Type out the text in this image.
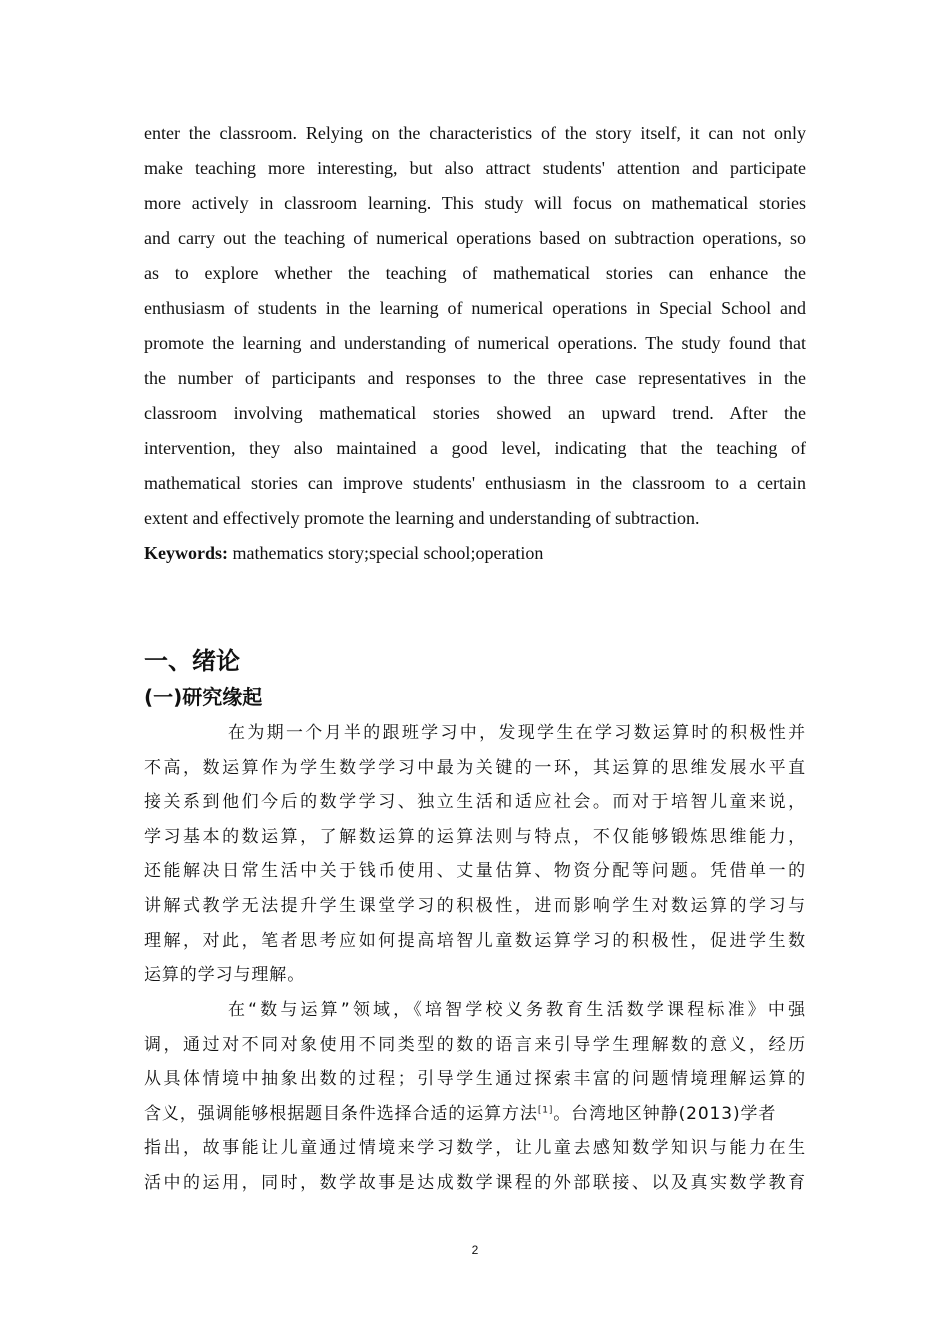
enter the classroom. Relying on the characteristics of the story itself, it can not only
make teaching more interesting, but also attract students' attention and participate
more actively in classroom learning. This study will focus on mathematical stories
and carry out the teaching of numerical operations based on subtraction operations, so
as to explore whether the teaching of mathematical stories can enhance the
enthusiasm of students in the learning of numerical operations in Special School and
promote the learning and understanding of numerical operations. The study found that
the number of participants and responses to the three case representatives in the
classroom involving mathematical stories showed an upward trend. After the
intervention, they also maintained a good level, indicating that the teaching of
mathematical stories can improve students' enthusiasm in the classroom to a certain
extent and effectively promote the learning and understanding of subtraction.
Keywords: mathematics story;special school;operation
一、绪论
(一)研究缘起
在为期一个月半的跟班学习中，发现学生在学习数运算时的积极性并
不高，数运算作为学生数学学习中最为关键的一环，其运算的思维发展水平直
接关系到他们今后的数学学习、独立生活和适应社会。而对于培智儿童来说，
学习基本的数运算，了解数运算的运算法则与特点，不仅能够锻炼思维能力，
还能解决日常生活中关于钱币使用、丈量估算、物资分配等问题。凭借单一的
讲解式教学无法提升学生课堂学习的积极性，进而影响学生对数运算的学习与
理解，对此，笔者思考应如何提高培智儿童数运算学习的积极性，促进学生数
运算的学习与理解。
在“数与运算”领域，《培智学校义务教育生活数学课程标准》中强
调，通过对不同对象使用不同类型的数的语言来引导学生理解数的意义，经历
从具体情境中抽象出数的过程；引导学生通过探索丰富的问题情境理解运算的
含义，强调能够根据题目条件选择合适的运算方法[1]。台湾地区钟静(2013)学者
指出，故事能让儿童通过情境来学习数学，让儿童去感知数学知识与能力在生
活中的运用，同时，数学故事是达成数学课程的外部联接、以及真实数学教育
2
